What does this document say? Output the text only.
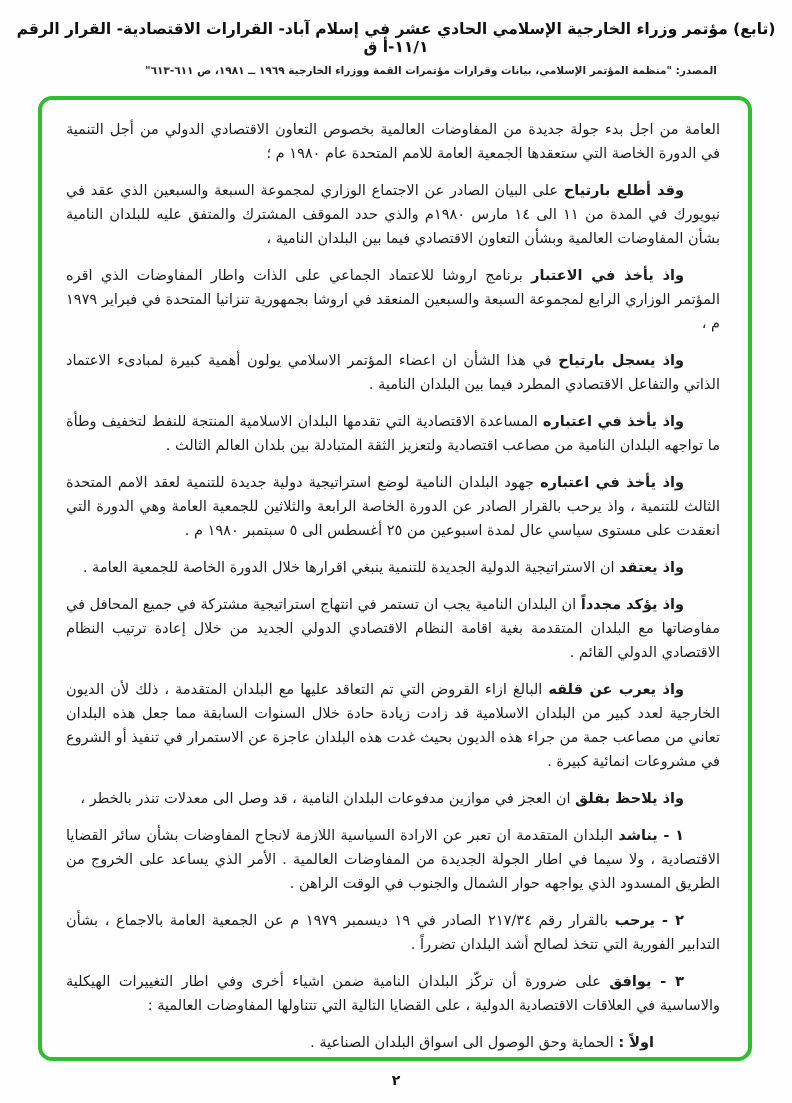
(تابع) مؤتمر وزراء الخارجية الإسلامي الحادي عشر في إسلام آباد- القرارات الاقتصادية- القرار الرقم ١١/١-أ ق
المصدر: "منظمة المؤتمر الإسلامي، بيانات وقرارات مؤتمرات القمة ووزراء الخارجية ١٩٦٩ ــ ١٩٨١، ص ٦١١-٦١٣"

العامة من اجل بدء جولة جديدة من المفاوضات العالمية بخصوص التعاون الاقتصادي الدولي من أجل التنمية في الدورة الخاصة التي ستعقدها الجمعية العامة للامم المتحدة عام ١٩٨٠ م ؛

وقد أطلع بارتياح على البيان الصادر عن الاجتماع الوزاري لمجموعة السبعة والسبعين الذي عقد في نيويورك في المدة من ١١ الى ١٤ مارس ١٩٨٠م والذي حدد الموقف المشترك والمتفق عليه للبلدان النامية بشأن المفاوضات العالمية وبشأن التعاون الاقتصادي فيما بين البلدان النامية ،

واذ يأخذ في الاعتبار برنامج اروشا للاعتماد الجماعي على الذات واطار المفاوضات الذي اقره المؤتمر الوزاري الرابع لمجموعة السبعة والسبعين المنعقد في اروشا بجمهورية تنزانيا المتحدة في فبراير ١٩٧٩ م ،

واذ يسجل بارتياح في هذا الشأن ان اعضاء المؤتمر الاسلامي يولون أهمية كبيرة لمبادىء الاعتماد الذاتي والتفاعل الاقتصادي المطرد فيما بين البلدان النامية .

واذ يأخذ في اعتباره المساعدة الاقتصادية التي تقدمها البلدان الاسلامية المنتجة للنفط لتخفيف وطأة ما تواجهه البلدان النامية من مصاعب اقتصادية ولتعزيز الثقة المتبادلة بين بلدان العالم الثالث .

واذ يأخذ في اعتباره جهود البلدان النامية لوضع استراتيجية دولية جديدة للتنمية لعقد الامم المتحدة الثالث للتنمية ، واذ يرحب بالقرار الصادر عن الدورة الخاصة الرابعة والثلاثين للجمعية العامة وهي الدورة التي انعقدت على مستوى سياسي عال لمدة اسبوعين من ٢٥ أغسطس الى ٥ سبتمبر ١٩٨٠ م .

واذ يعتقد ان الاستراتيجية الدولية الجديدة للتنمية ينبغي اقرارها خلال الدورة الخاصة للجمعية العامة .

واذ يؤكد مجدداً ان البلدان النامية يجب ان تستمر في انتهاج استراتيجية مشتركة في جميع المحافل في مفاوضاتها مع البلدان المتقدمة بغية اقامة النظام الاقتصادي الدولي الجديد من خلال إعادة ترتيب النظام الاقتصادي الدولي القائم .

واذ يعرب عن قلقه البالغ ازاء القروض التي تم التعاقد عليها مع البلدان المتقدمة ، ذلك لأن الديون الخارجية لعدد كبير من البلدان الاسلامية قد زادت زيادة حادة خلال السنوات السابقة مما جعل هذه البلدان تعاني من مصاعب جمة من جراء هذه الديون بحيث غدت هذه البلدان عاجزة عن الاستمرار في تنفيذ أو الشروع في مشروعات انمائية كبيرة .

واذ يلاحظ بقلق ان العجز في موازين مدفوعات البلدان النامية ، قد وصل الى معدلات تنذر بالخطر ،

١ - يناشد البلدان المتقدمة ان تعبر عن الارادة السياسية اللازمة لانجاح المفاوضات بشأن سائر القضايا الاقتصادية ، ولا سيما في اطار الجولة الجديدة من المفاوضات العالمية . الأمر الذي يساعد على الخروج من الطريق المسدود الذي يواجهه حوار الشمال والجنوب في الوقت الراهن .

٢ - يرحب بالقرار رقم ٢١٧/٣٤ الصادر في ١٩ ديسمبر ١٩٧٩ م عن الجمعية العامة بالاجماع ، بشأن التدابير الفورية التي تتخذ لصالح أشد البلدان تضرراً .

٣ - يوافق على ضرورة أن تركّز البلدان النامية ضمن اشياء أخرى وفي اطار التغييرات الهيكلية والاساسية في العلاقات الاقتصادية الدولية ، على القضايا التالية التي تتناولها المفاوضات العالمية :

اولاً : الحماية وحق الوصول الى اسواق البلدان الصناعية .

٢
